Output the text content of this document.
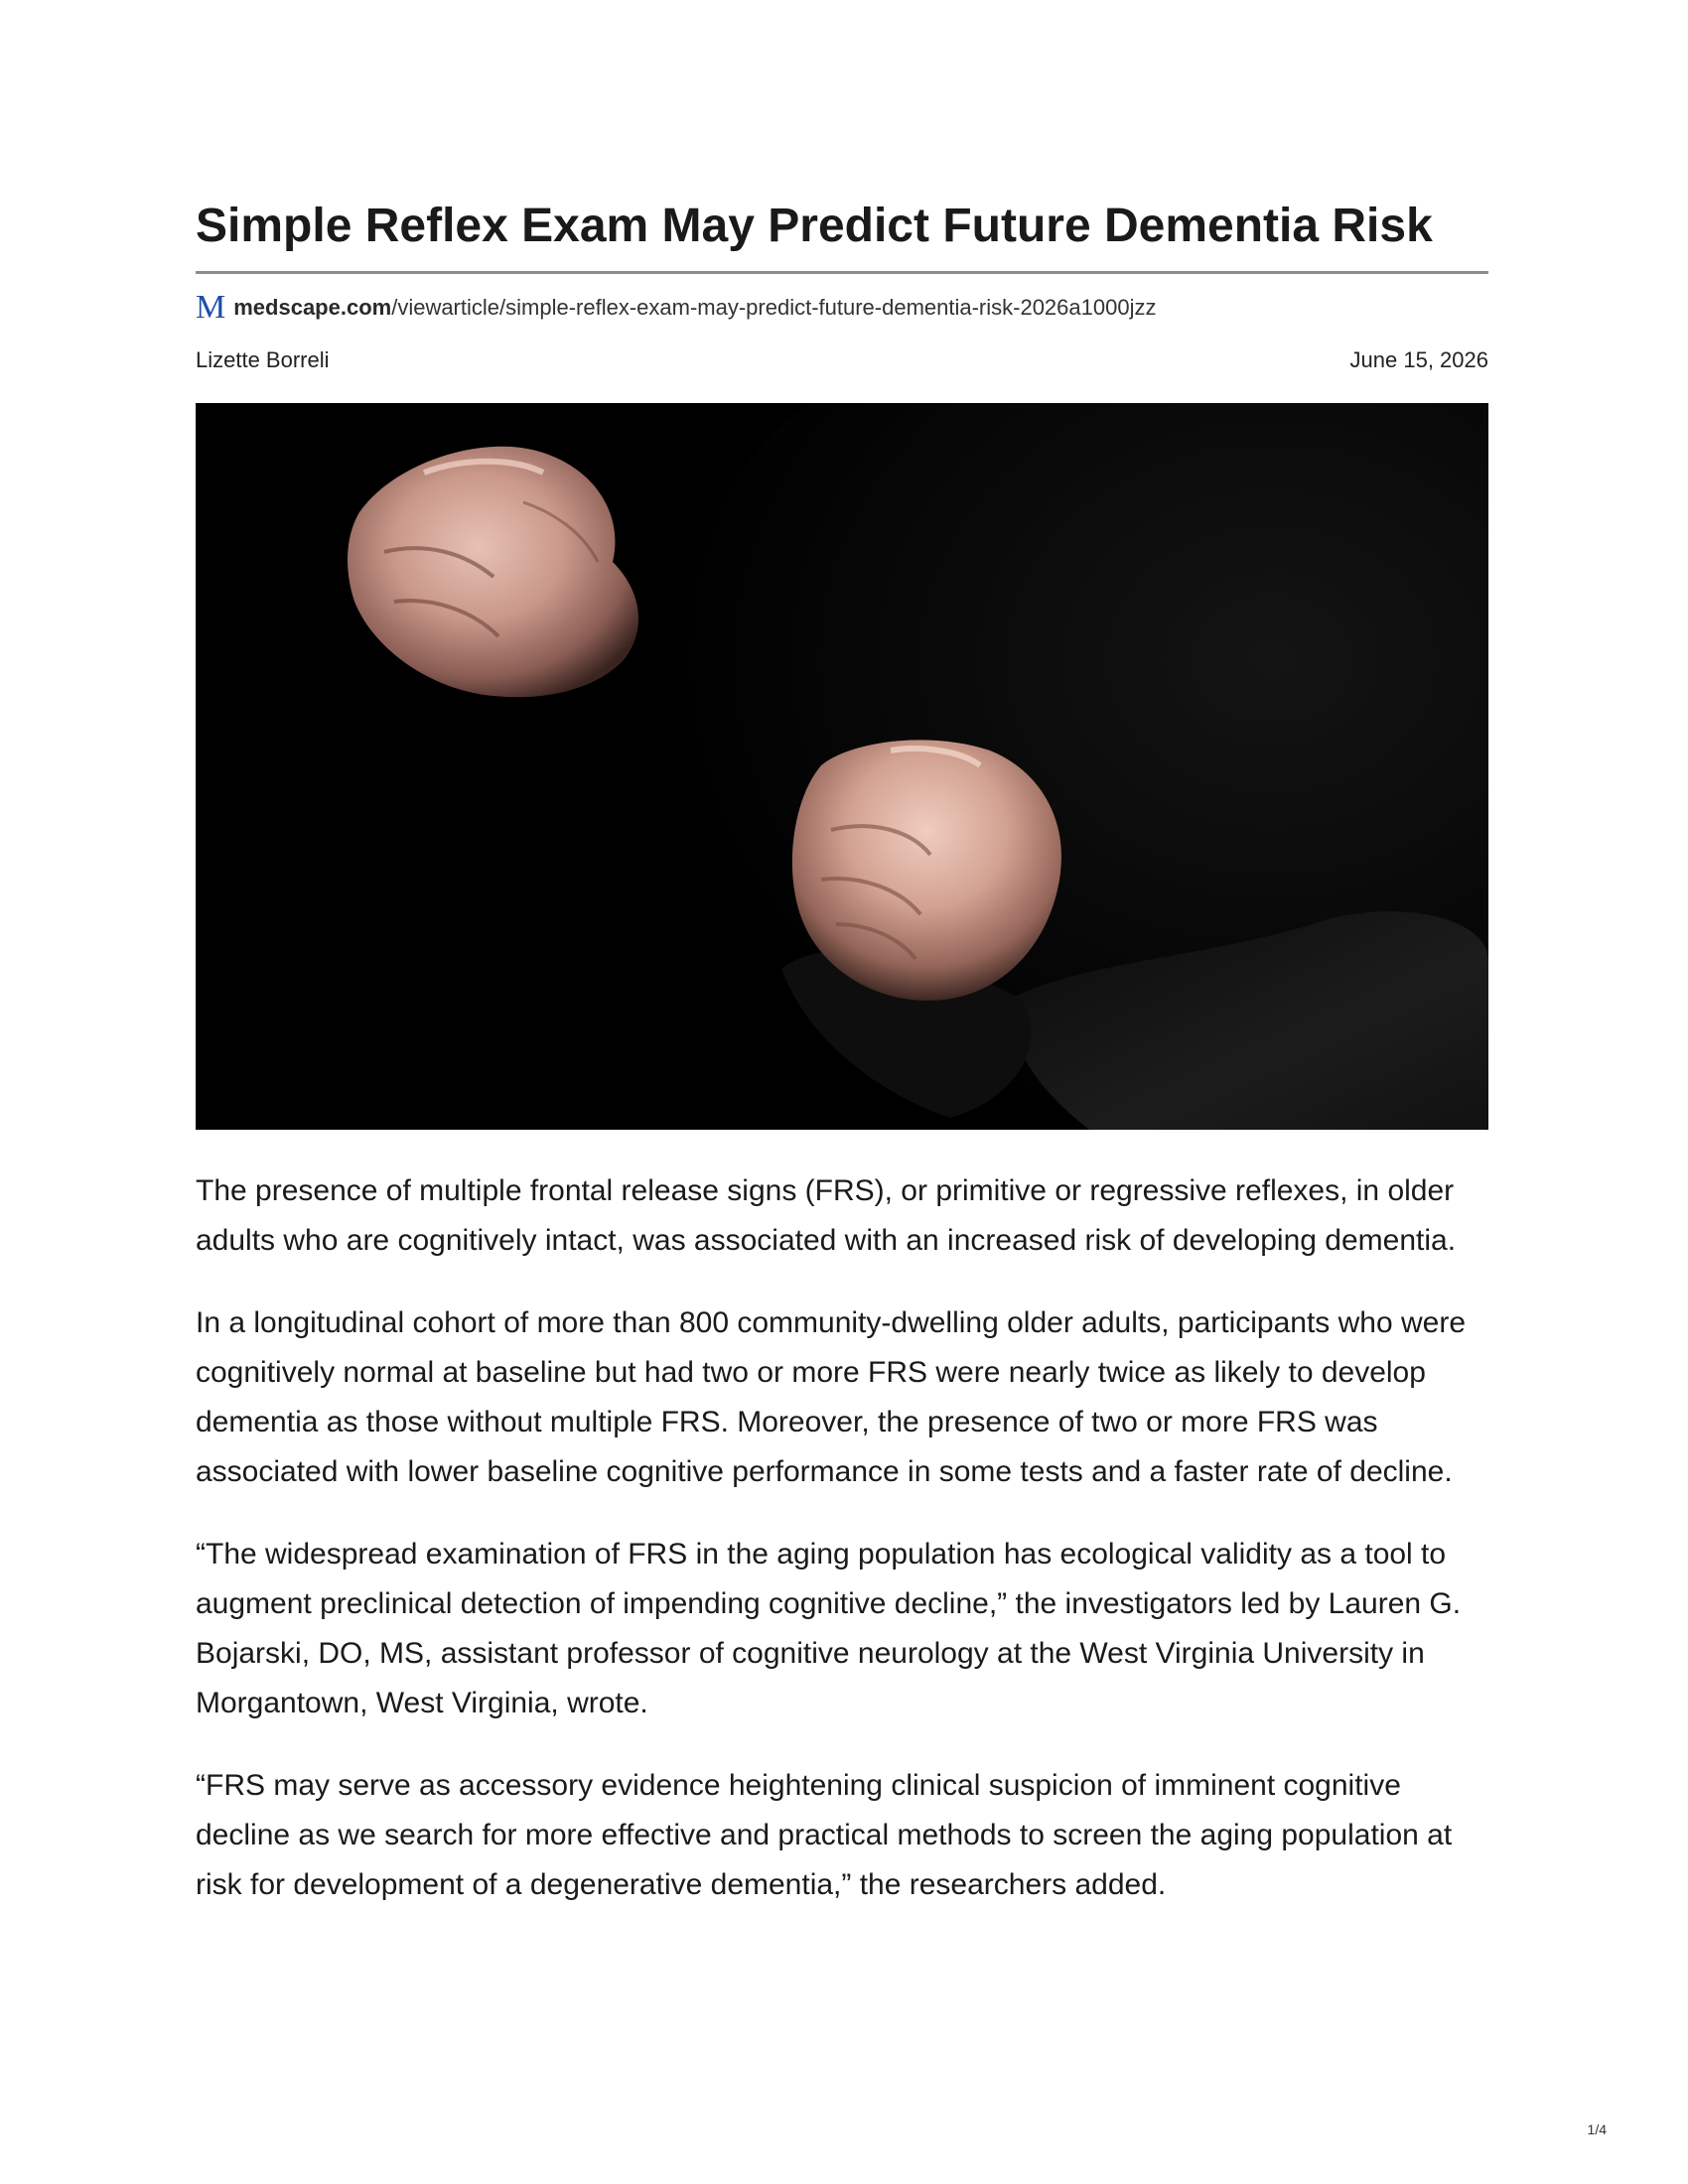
Simple Reflex Exam May Predict Future Dementia Risk
M medscape.com/viewarticle/simple-reflex-exam-may-predict-future-dementia-risk-2026a1000jzz
Lizette Borreli	June 15, 2026

The presence of multiple frontal release signs (FRS), or primitive or regressive reflexes, in older adults who are cognitively intact, was associated with an increased risk of developing dementia.

In a longitudinal cohort of more than 800 community-dwelling older adults, participants who were cognitively normal at baseline but had two or more FRS were nearly twice as likely to develop dementia as those without multiple FRS. Moreover, the presence of two or more FRS was associated with lower baseline cognitive performance in some tests and a faster rate of decline.

“The widespread examination of FRS in the aging population has ecological validity as a tool to augment preclinical detection of impending cognitive decline,” the investigators led by Lauren G. Bojarski, DO, MS, assistant professor of cognitive neurology at the West Virginia University in Morgantown, West Virginia, wrote.

“FRS may serve as accessory evidence heightening clinical suspicion of imminent cognitive decline as we search for more effective and practical methods to screen the aging population at risk for development of a degenerative dementia,” the researchers added.

1/4
